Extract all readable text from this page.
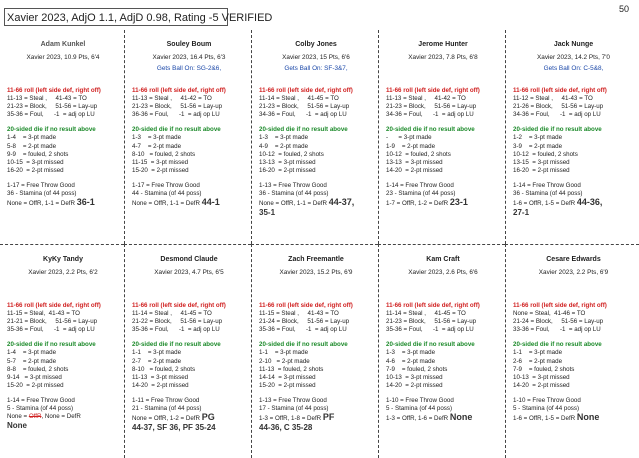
Xavier 2023, AdjO 1.1, AdjD 0.98, Rating -5 VERIFIED
50
Adam Kunkel
Xavier 2023, 10.9 Pts, 6'4
11-66 roll (left side def, right off)
11-13 = Steal ,     41-43 = TO
21-23 = Block,     51-56 = Lay-up
35-36 = Foul,      -1  = adj op LU
20-sided die if no result above
1-4    = 3-pt made
5-8    = 2-pt made
9-9    = fouled, 2 shots
10-15  = 3-pt missed
16-20  = 2-pt missed
1-17 = Free Throw Good
36 - Stamina (of 44 poss)
None = OffR, 1-1 = DefR 36-1
Souley Boum
Xavier 2023, 16.4 Pts, 6'3
Gets Ball On: SG-2&6,
11-66 roll (left side def, right off)
11-13 = Steal ,     41-42 = TO
21-23 = Block,     51-56 = Lay-up
36-36 = Foul,      -1  = adj op LU
20-sided die if no result above
1-3    = 3-pt made
4-7    = 2-pt made
8-10   = fouled, 2 shots
11-15  = 3-pt missed
15-20  = 2-pt missed
1-17 = Free Throw Good
44 - Stamina (of 44 poss)
None = OffR, 1-1 = DefR 44-1
Colby Jones
Xavier 2023, 15 Pts, 6'6
Gets Ball On: SF-3&7,
11-66 roll (left side def, right off)
11-14 = Steal ,     41-45 = TO
21-23 = Block,     51-56 = Lay-up
34-36 = Foul,      -1  = adj op LU
20-sided die if no result above
1-3    = 3-pt made
4-9    = 2-pt made
10-12  = fouled, 2 shots
13-13  = 3-pt missed
16-20  = 2-pt missed
1-13 = Free Throw Good
36 - Stamina (of 44 poss)
None = OffR, 1-1 = DefR 44-37,
35-1
Jerome Hunter
Xavier 2023, 7.8 Pts, 6'8
11-66 roll (left side def, right off)
11-13 = Steal ,     41-42 = TO
21-23 = Block,     51-56 = Lay-up
34-36 = Foul,      -1  = adj op LU
20-sided die if no result above
-      = 3-pt made
1-9    = 2-pt made
10-12  = fouled, 2 shots
13-13  = 3-pt missed
14-20  = 2-pt missed
1-14 = Free Throw Good
23 - Stamina (of 44 poss)
1-7 = OffR, 1-2 = DefR 23-1
Jack Nunge
Xavier 2023, 14.2 Pts, 7'0
Gets Ball On: C-5&8,
11-66 roll (left side def, right off)
11-12 = Steal ,     41-43 = TO
21-26 = Block,     51-56 = Lay-up
34-36 = Foul,      -1  = adj op LU
20-sided die if no result above
1-2    = 3-pt made
3-9    = 2-pt made
10-12  = fouled, 2 shots
13-15  = 3-pt missed
16-20  = 2-pt missed
1-14 = Free Throw Good
36 - Stamina (of 44 poss)
1-6 = OffR, 1-5 = DefR 44-36,
27-1
KyKy Tandy
Xavier 2023, 2.2 Pts, 6'2
11-66 roll (left side def, right off)
11-15 = Steal,  41-43 = TO
21-21 = Block,     51-56 = Lay-up
35-36 = Foul,      -1  = adj op LU
20-sided die if no result above
1-4    = 3-pt made
5-7    = 2-pt made
8-8    = fouled, 2 shots
9-14   = 3-pt missed
15-20  = 2-pt missed
1-14 = Free Throw Good
5 - Stamina (of 44 poss)
None = OffR, None = DefR
None
Desmond Claude
Xavier 2023, 4.7 Pts, 6'5
11-66 roll (left side def, right off)
11-14 = Steal ,     41-45 = TO
21-22 = Block,     51-56 = Lay-up
35-36 = Foul,      -1  = adj op LU
20-sided die if no result above
1-1    = 3-pt made
2-7    = 2-pt made
8-10   = fouled, 2 shots
11-13  = 3-pt missed
14-20  = 2-pt missed
1-11 = Free Throw Good
21 - Stamina (of 44 poss)
None = OffR, 1-2 = DefR PG
44-37, SF 36, PF 35-24
Zach Freemantle
Xavier 2023, 15.2 Pts, 6'9
11-66 roll (left side def, right off)
11-15 = Steal ,     41-43 = TO
21-24 = Block,     51-56 = Lay-up
35-36 = Foul,      -1  = adj op LU
20-sided die if no result above
1-1    = 3-pt made
2-10   = 2-pt made
11-13  = fouled, 2 shots
14-14  = 3-pt missed
15-20  = 2-pt missed
1-13 = Free Throw Good
17 - Stamina (of 44 poss)
1-3 = OffR, 1-8 = DefR PF
44-36, C 35-28
Kam Craft
Xavier 2023, 2.6 Pts, 6'6
11-66 roll (left side def, right off)
11-14 = Steal ,     41-45 = TO
21-23 = Block,     51-56 = Lay-up
35-36 = Foul,      -1  = adj op LU
20-sided die if no result above
1-3    = 3-pt made
4-6    = 2-pt made
7-9    = fouled, 2 shots
10-13  = 3-pt missed
14-20  = 2-pt missed
1-10 = Free Throw Good
5 - Stamina (of 44 poss)
1-3 = OffR, 1-6 = DefR None
Cesare Edwards
Xavier 2023, 2.2 Pts, 6'9
11-66 roll (left side def, right off)
None = Steal,  41-46 = TO
21-24 = Block,     51-56 = Lay-up
33-36 = Foul,      -1  = adj op LU
20-sided die if no result above
1-1    = 3-pt made
2-6    = 2-pt made
7-9    = fouled, 2 shots
10-13  = 3-pt missed
14-20  = 2-pt missed
1-10 = Free Throw Good
5 - Stamina (of 44 poss)
1-6 = OffR, 1-5 = DefR None
